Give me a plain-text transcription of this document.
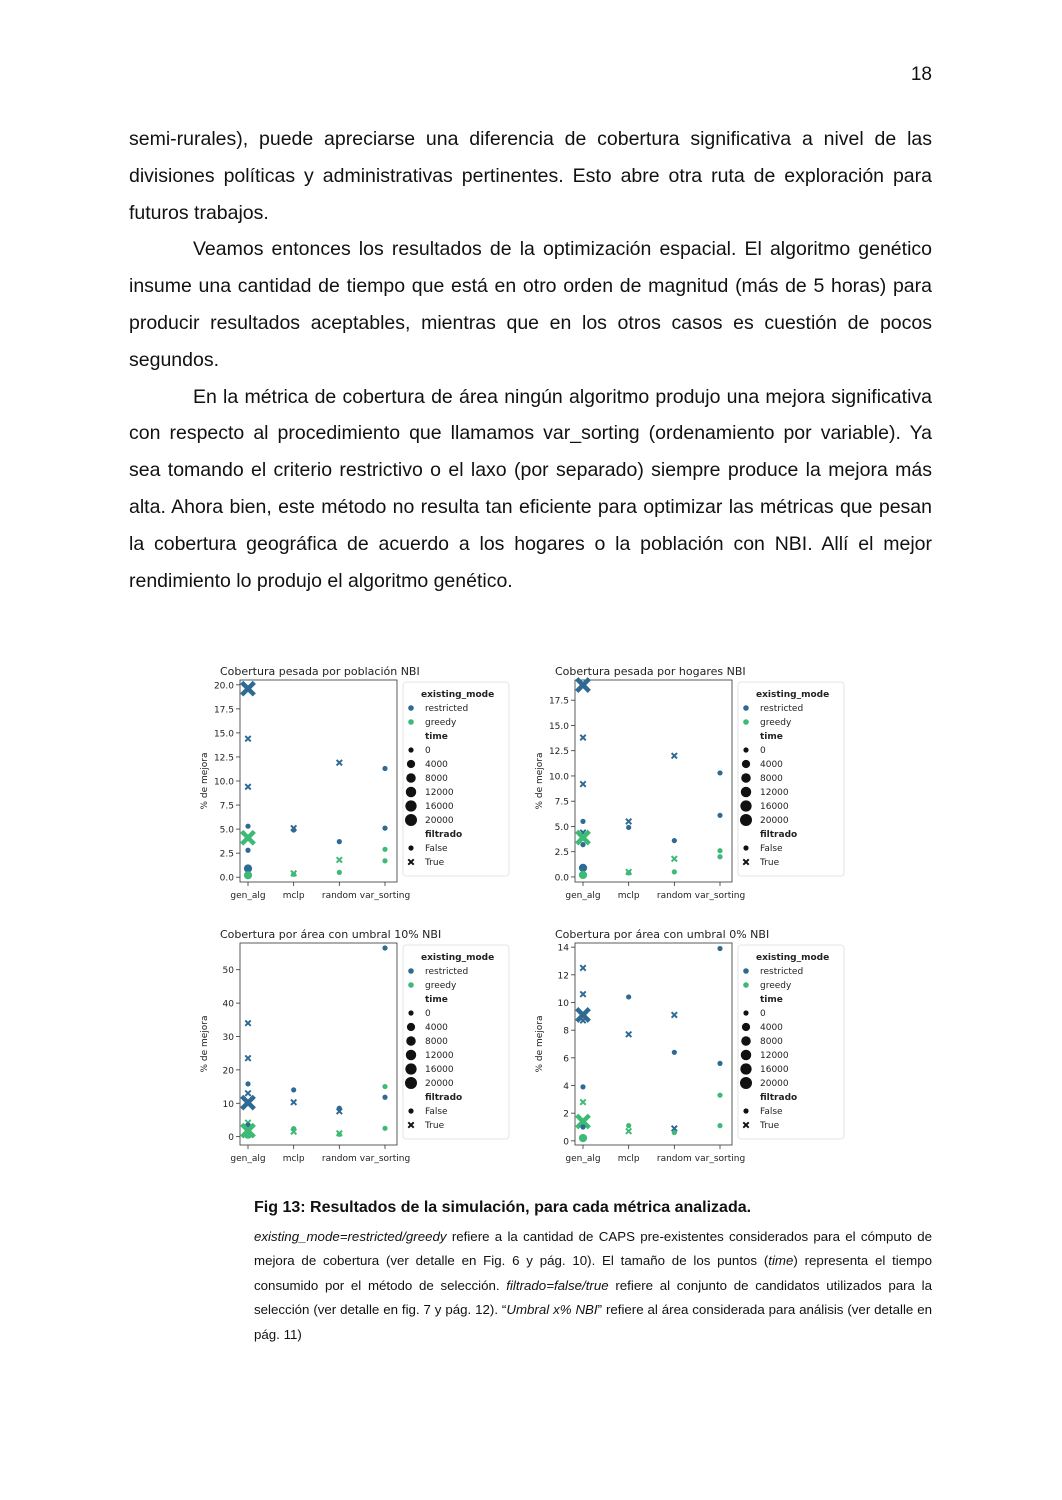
18

semi-rurales), puede apreciarse una diferencia de cobertura significativa a nivel de las divisiones políticas y administrativas pertinentes. Esto abre otra ruta de exploración para futuros trabajos.

Veamos entonces los resultados de la optimización espacial. El algoritmo genético insume una cantidad de tiempo que está en otro orden de magnitud (más de 5 horas) para producir resultados aceptables, mientras que en los otros casos es cuestión de pocos segundos.

En la métrica de cobertura de área ningún algoritmo produjo una mejora significativa con respecto al procedimiento que llamamos var_sorting (ordenamiento por variable). Ya sea tomando el criterio restrictivo o el laxo (por separado) siempre produce la mejora más alta. Ahora bien, este método no resulta tan eficiente para optimizar las métricas que pesan la cobertura geográfica de acuerdo a los hogares o la población con NBI. Allí el mejor rendimiento lo produjo el algoritmo genético.

Cobertura pesada por población NBI
0.0
2.5
5.0
7.5
10.0
12.5
15.0
17.5
20.0
% de mejora
gen_alg mclp random var_sorting
existing_mode
restricted
greedy
time
0
4000
8000
12000
16000
20000
filtrado
False
True
Cobertura pesada por hogares NBI
0.0
2.5
5.0
7.5
10.0
12.5
15.0
17.5
% de mejora
gen_alg mclp random var_sorting
existing_mode
restricted
greedy
time
0
4000
8000
12000
16000
20000
filtrado
False
True
Cobertura por área con umbral 10% NBI
0
10
20
30
40
50
% de mejora
gen_alg mclp random var_sorting
existing_mode
restricted
greedy
time
0
4000
8000
12000
16000
20000
filtrado
False
True
Cobertura por área con umbral 0% NBI
0
2
4
6
8
10
12
14
% de mejora
gen_alg mclp random var_sorting
existing_mode
restricted
greedy
time
0
4000
8000
12000
16000
20000
filtrado
False
True
Fig 13: Resultados de la simulación, para cada métrica analizada.
existing_mode=restricted/greedy refiere a la cantidad de CAPS pre-existentes considerados para el cómputo de mejora de cobertura (ver detalle en Fig. 6 y pág. 10). El tamaño de los puntos (time) representa el tiempo consumido por el método de selección. filtrado=false/true refiere al conjunto de candidatos utilizados para la selección (ver detalle en fig. 7 y pág. 12). “Umbral x% NBI” refiere al área considerada para análisis (ver detalle en pág. 11)
